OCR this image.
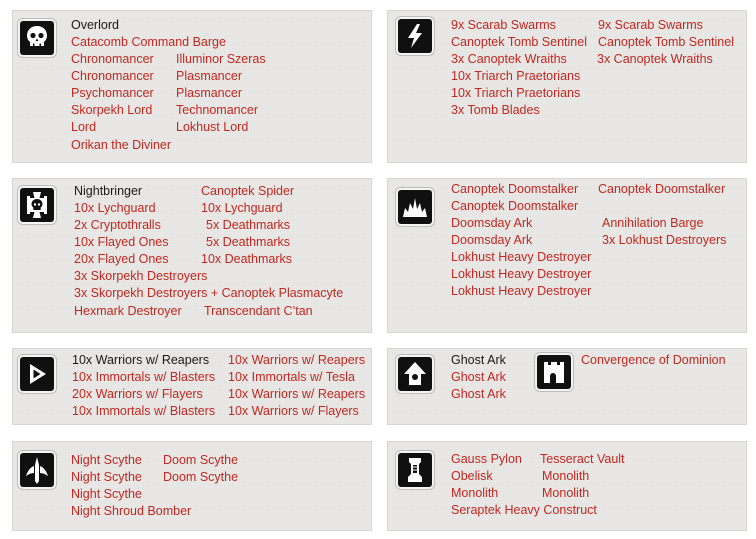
Overlord
Catacomb Command Barge
Chronomancer
Chronomancer
Psychomancer
Skorpekh Lord
Lord
Orikan the Diviner
Illuminor Szeras
Plasmancer
Plasmancer
Technomancer
Lokhust Lord
9x Scarab Swarms
Canoptek Tomb Sentinel
3x Canoptek Wraiths
10x Triarch Praetorians
10x Triarch Praetorians
3x Tomb Blades
9x Scarab Swarms
Canoptek Tomb Sentinel
3x Canoptek Wraiths
Nightbringer
10x Lychguard
2x Cryptothralls
10x Flayed Ones
20x Flayed Ones
3x Skorpekh Destroyers
3x Skorpekh Destroyers + Canoptek Plasmacyte
Hexmark Destroyer
Canoptek Spider
10x Lychguard
5x Deathmarks
5x Deathmarks
10x Deathmarks
Transcendant C’tan
Canoptek Doomstalker
Canoptek Doomstalker
Doomsday Ark
Doomsday Ark
Lokhust Heavy Destroyer
Lokhust Heavy Destroyer
Lokhust Heavy Destroyer
Canoptek Doomstalker
Annihilation Barge
3x Lokhust Destroyers
10x Warriors w/ Reapers
10x Immortals w/ Blasters
20x Warriors w/ Flayers
10x Immortals w/ Blasters
10x Warriors w/ Reapers
10x Immortals w/ Tesla
10x Warriors w/ Reapers
10x Warriors w/ Flayers
Ghost Ark
Ghost Ark
Ghost Ark
Convergence of Dominion
Night Scythe
Night Scythe
Night Scythe
Night Shroud Bomber
Doom Scythe
Doom Scythe
Gauss Pylon
Obelisk
Monolith
Seraptek Heavy Construct
Tesseract Vault
Monolith
Monolith
